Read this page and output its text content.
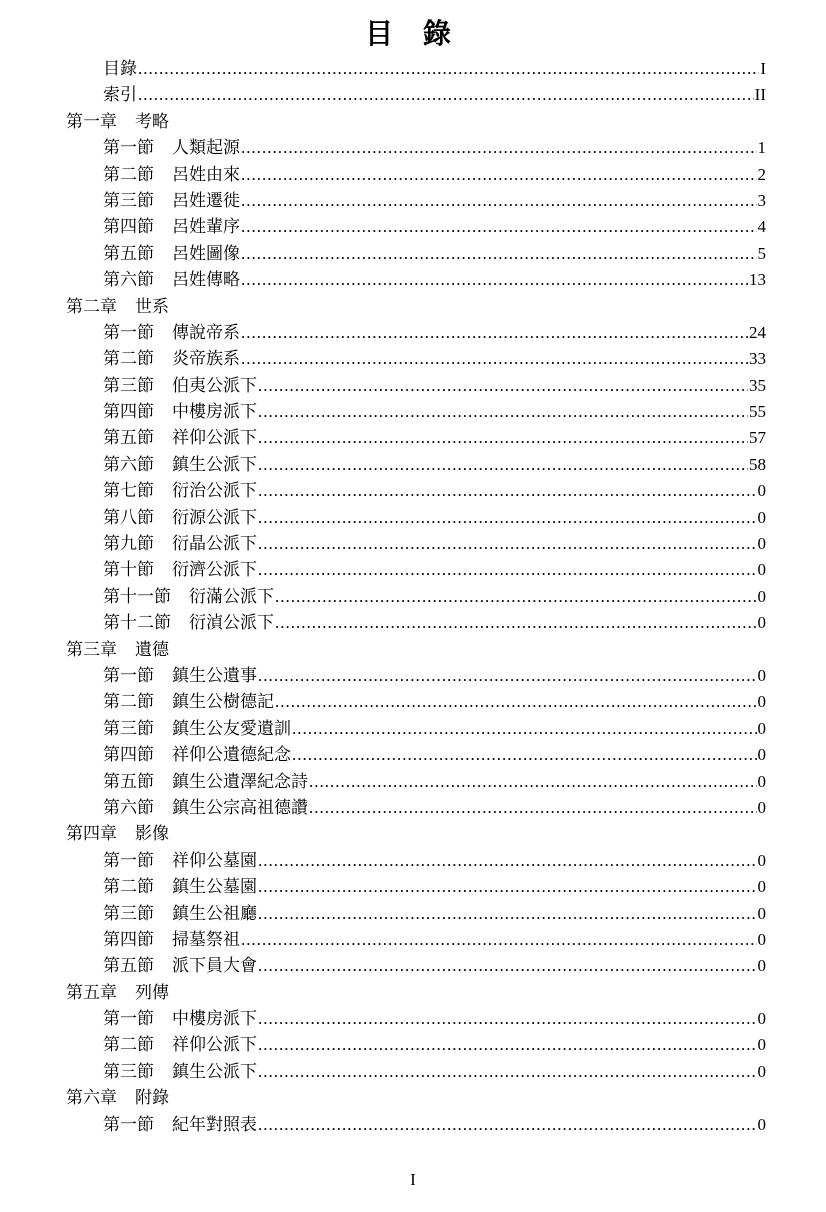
目 錄
目錄 .....	I
索引 .....	II
第一章 考略
第一節 人類起源 .....	1
第二節 呂姓由來 .....	2
第三節 呂姓遷徙 .....	3
第四節 呂姓輩序 .....	4
第五節 呂姓圖像 .....	5
第六節 呂姓傳略 .....	13
第二章 世系
第一節 傳說帝系 .....	24
第二節 炎帝族系 .....	33
第三節 伯夷公派下 .....	35
第四節 中樓房派下 .....	55
第五節 祥仰公派下 .....	57
第六節 鎮生公派下 .....	58
第七節 衍治公派下 .....	0
第八節 衍源公派下 .....	0
第九節 衍晶公派下 .....	0
第十節 衍濟公派下 .....	0
第十一節 衍滿公派下 .....	0
第十二節 衍湞公派下 .....	0
第三章 遺德
第一節 鎮生公遺事 .....	0
第二節 鎮生公樹德記 .....	0
第三節 鎮生公友愛遺訓 .....	0
第四節 祥仰公遺德紀念 .....	0
第五節 鎮生公遺澤紀念詩 .....	0
第六節 鎮生公宗高祖德讚 .....	0
第四章 影像
第一節 祥仰公墓園 .....	0
第二節 鎮生公墓園 .....	0
第三節 鎮生公祖廳 .....	0
第四節 掃墓祭祖 .....	0
第五節 派下員大會 .....	0
第五章 列傳
第一節 中樓房派下 .....	0
第二節 祥仰公派下 .....	0
第三節 鎮生公派下 .....	0
第六章 附錄
第一節 紀年對照表 .....	0
I
